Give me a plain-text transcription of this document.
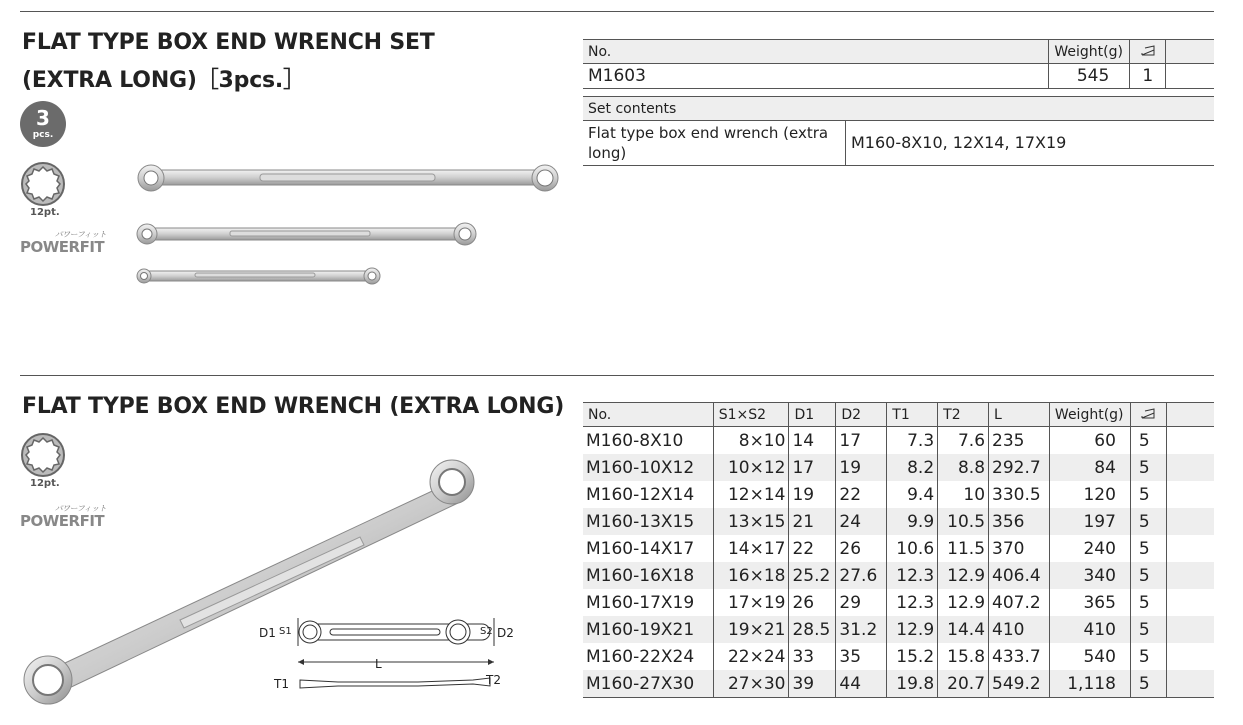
FLAT TYPE BOX END WRENCH SET
(EXTRA LONG)［3pcs.］
3
pcs.
12pt.
POWERFIT
パワーフィット
No.	Weight(g)		
M1603	545	1	
Set contents
Flat type box end wrench (extra long)	M160-8X10, 12X14, 17X19
FLAT TYPE BOX END WRENCH (EXTRA LONG)
12pt.
POWERFIT
パワーフィット
D1 S1	S2 D2
L
T1	T2
No.	S1×S2	D1	D2	T1	T2	L	Weight(g)		
M160-8X10	8×10	14	17	7.3	7.6	235	60	5	
M160-10X12	10×12	17	19	8.2	8.8	292.7	84	5	
M160-12X14	12×14	19	22	9.4	10	330.5	120	5	
M160-13X15	13×15	21	24	9.9	10.5	356	197	5	
M160-14X17	14×17	22	26	10.6	11.5	370	240	5	
M160-16X18	16×18	25.2	27.6	12.3	12.9	406.4	340	5	
M160-17X19	17×19	26	29	12.3	12.9	407.2	365	5	
M160-19X21	19×21	28.5	31.2	12.9	14.4	410	410	5	
M160-22X24	22×24	33	35	15.2	15.8	433.7	540	5	
M160-27X30	27×30	39	44	19.8	20.7	549.2	1,118	5	
